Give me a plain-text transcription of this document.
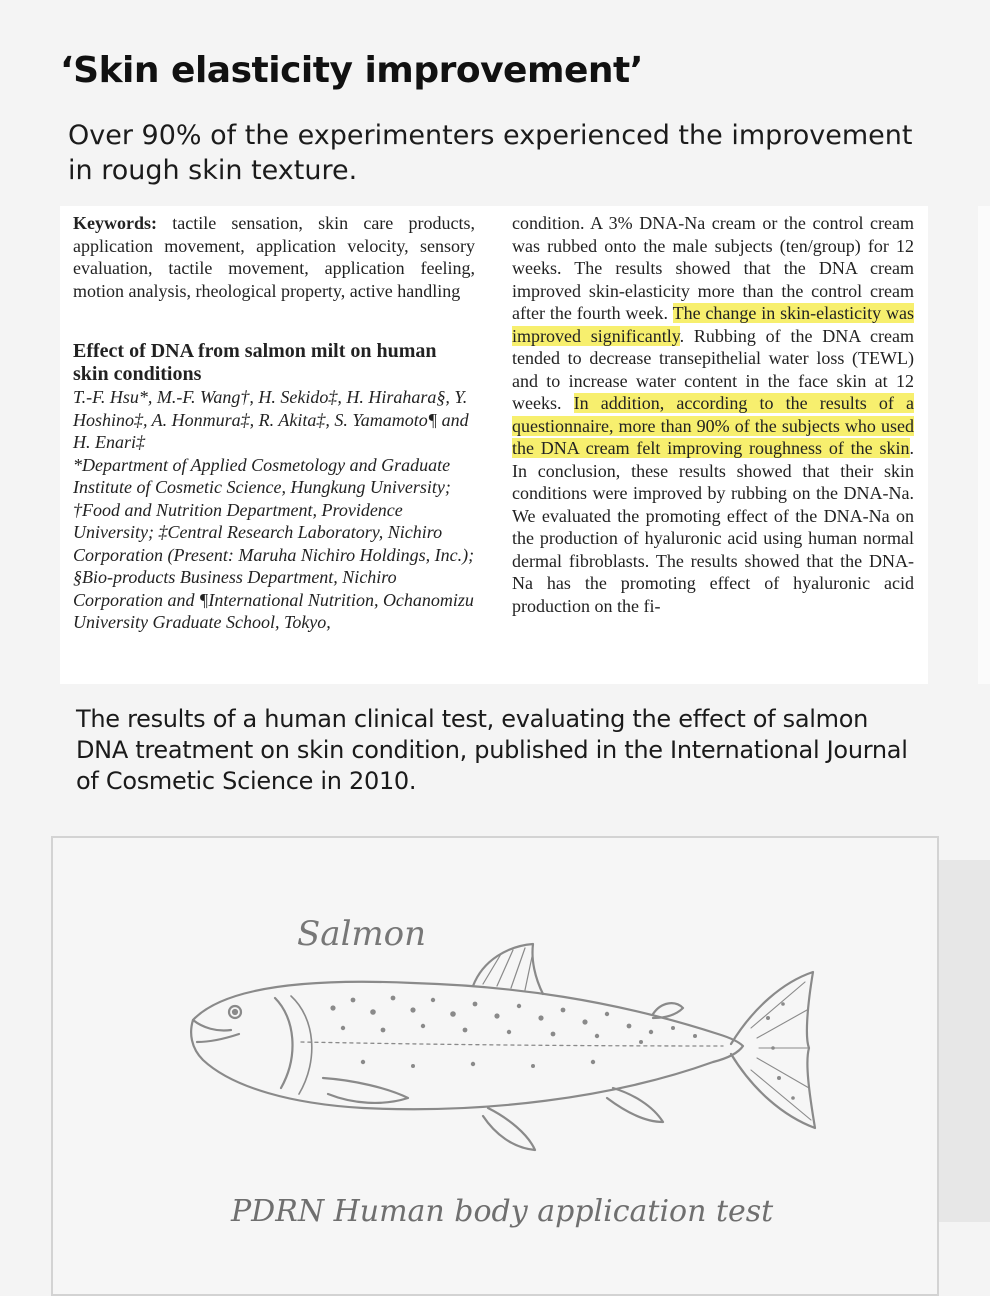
‘Skin elasticity improvement’

Over 90% of the experimenters experienced the improvement in rough skin texture.

Keywords: tactile sensation, skin care products, application movement, application velocity, sensory evaluation, tactile movement, application feeling, motion analysis, rheological property, active handling

Effect of DNA from salmon milt on human skin conditions

T.-F. Hsu*, M.-F. Wang†, H. Sekido‡, H. Hirahara§, Y. Hoshino‡, A. Honmura‡, R. Akita‡, S. Yamamoto¶ and H. Enari‡

*Department of Applied Cosmetology and Graduate Institute of Cosmetic Science, Hungkung University; †Food and Nutrition Department, Providence University; ‡Central Research Laboratory, Nichiro Corporation (Present: Maruha Nichiro Holdings, Inc.); §Bio-products Business Department, Nichiro Corporation and ¶International Nutrition, Ochanomizu University Graduate School, Tokyo,

condition. A 3% DNA-Na cream or the control cream was rubbed onto the male subjects (ten/group) for 12 weeks. The results showed that the DNA cream improved skin-elasticity more than the control cream after the fourth week. The change in skin-elasticity was improved significantly. Rubbing of the DNA cream tended to decrease transepithelial water loss (TEWL) and to increase water content in the face skin at 12 weeks. In addition, according to the results of a questionnaire, more than 90% of the subjects who used the DNA cream felt improving roughness of the skin. In conclusion, these results showed that their skin conditions were improved by rubbing on the DNA-Na. We evaluated the promoting effect of the DNA-Na on the production of hyaluronic acid using human normal dermal fibroblasts. The results showed that the DNA-Na has the promoting effect of hyaluronic acid production on the fi-

The results of a human clinical test, evaluating the effect of salmon DNA treatment on skin condition, published in the International Journal of Cosmetic Science in 2010.

Salmon

PDRN Human body application test
